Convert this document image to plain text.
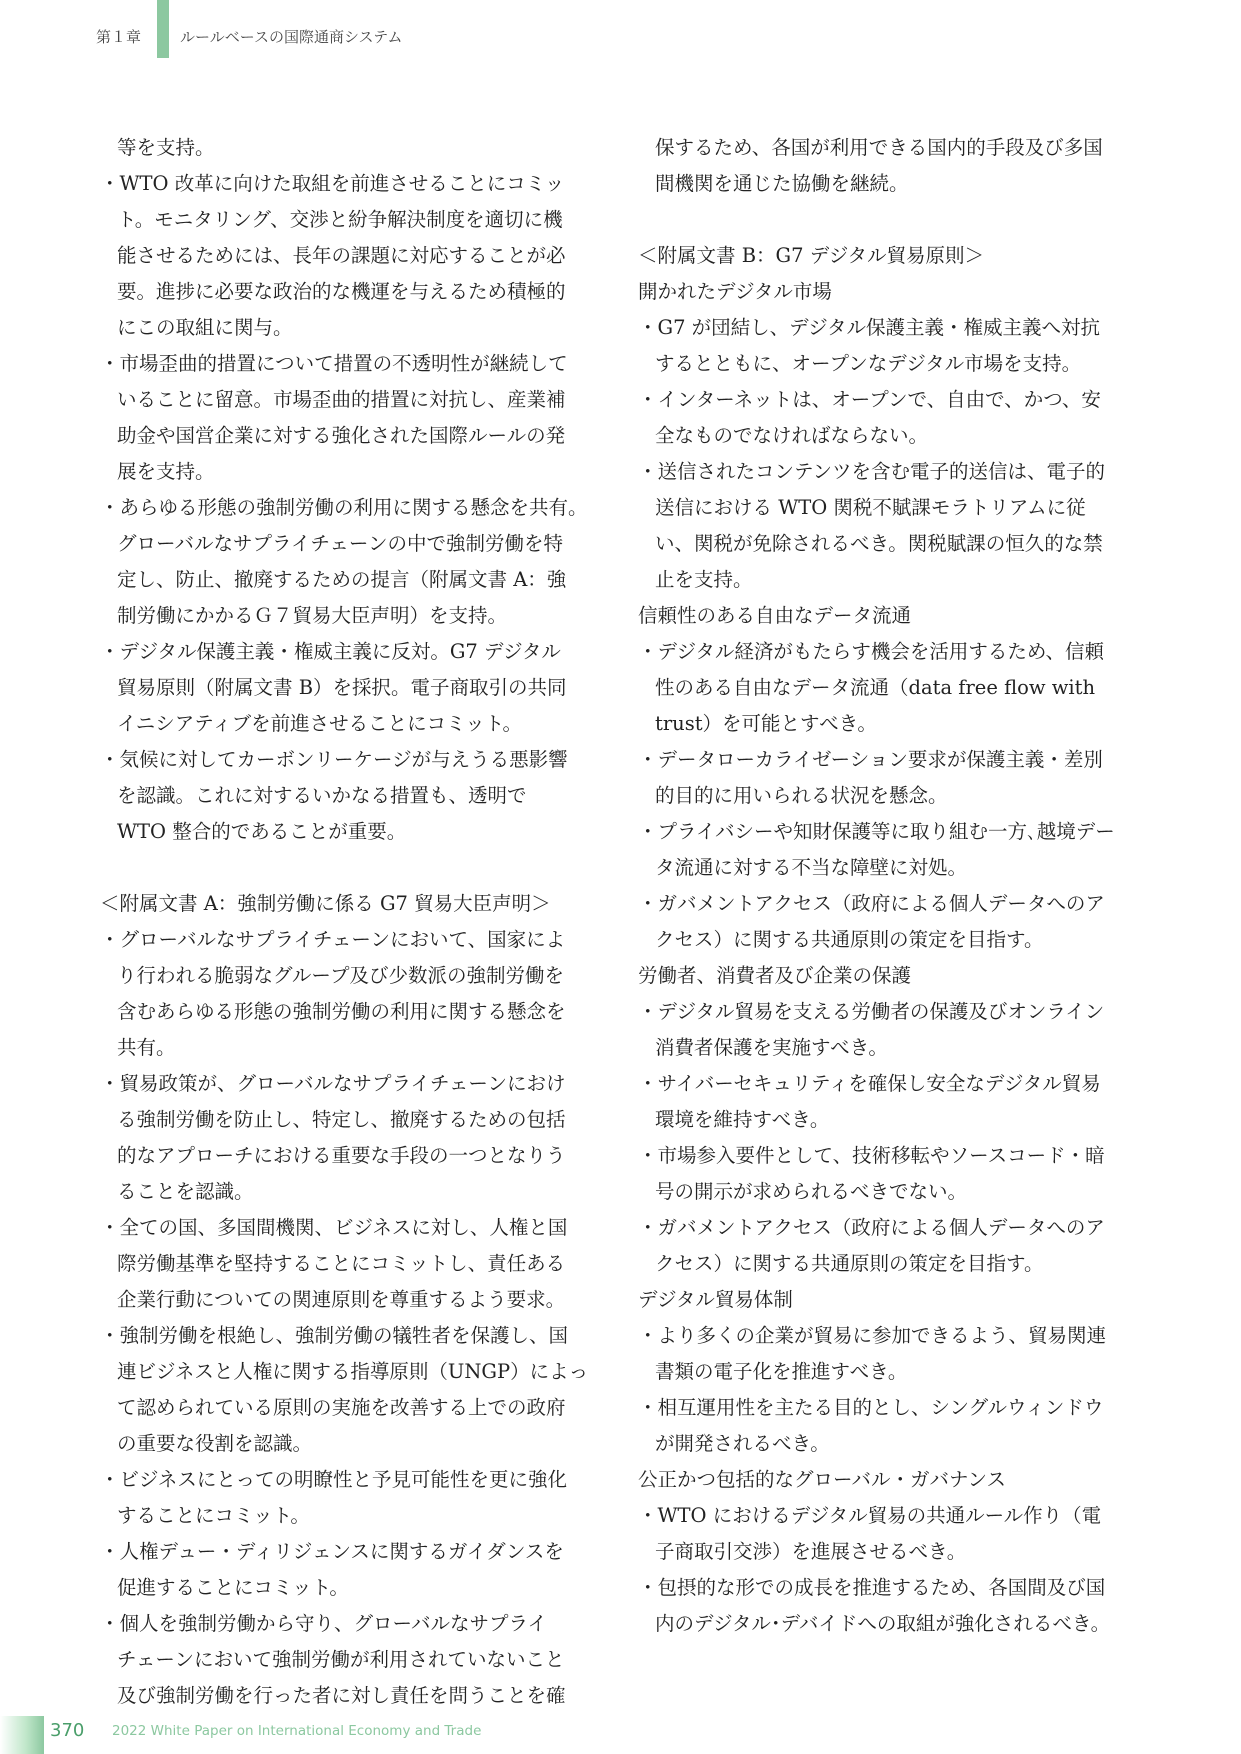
第１章	ルールベースの国際通商システム
等を支持。
・WTO 改革に向けた取組を前進させることにコミッ
ト。モニタリング、交渉と紛争解決制度を適切に機
能させるためには、長年の課題に対応することが必
要。進捗に必要な政治的な機運を与えるため積極的
にこの取組に関与。
・市場歪曲的措置について措置の不透明性が継続して
いることに留意。市場歪曲的措置に対抗し、産業補
助金や国営企業に対する強化された国際ルールの発
展を支持。
・あらゆる形態の強制労働の利用に関する懸念を共有。
グローバルなサプライチェーンの中で強制労働を特
定し、防止、撤廃するための提言（附属文書 A：強
制労働にかかるＧ７貿易大臣声明）を支持。
・デジタル保護主義・権威主義に反対。G7 デジタル
貿易原則（附属文書 B）を採択。電子商取引の共同
イニシアティブを前進させることにコミット。
・気候に対してカーボンリーケージが与えうる悪影響
を認識。これに対するいかなる措置も、透明で
WTO 整合的であることが重要。
＜附属文書 A：強制労働に係る G7 貿易大臣声明＞
・グローバルなサプライチェーンにおいて、国家によ
り行われる脆弱なグループ及び少数派の強制労働を
含むあらゆる形態の強制労働の利用に関する懸念を
共有。
・貿易政策が、グローバルなサプライチェーンにおけ
る強制労働を防止し、特定し、撤廃するための包括
的なアプローチにおける重要な手段の一つとなりう
ることを認識。
・全ての国、多国間機関、ビジネスに対し、人権と国
際労働基準を堅持することにコミットし、責任ある
企業行動についての関連原則を尊重するよう要求。
・強制労働を根絶し、強制労働の犠牲者を保護し、国
連ビジネスと人権に関する指導原則（UNGP）によっ
て認められている原則の実施を改善する上での政府
の重要な役割を認識。
・ビジネスにとっての明瞭性と予見可能性を更に強化
することにコミット。
・人権デュー・ディリジェンスに関するガイダンスを
促進することにコミット。
・個人を強制労働から守り、グローバルなサプライ
チェーンにおいて強制労働が利用されていないこと
及び強制労働を行った者に対し責任を問うことを確
保するため、各国が利用できる国内的手段及び多国
間機関を通じた協働を継続。
＜附属文書 B：G7 デジタル貿易原則＞
開かれたデジタル市場
・G7 が団結し、デジタル保護主義・権威主義へ対抗
するとともに、オープンなデジタル市場を支持。
・インターネットは、オープンで、自由で、かつ、安
全なものでなければならない。
・送信されたコンテンツを含む電子的送信は、電子的
送信における WTO 関税不賦課モラトリアムに従
い、関税が免除されるべき。関税賦課の恒久的な禁
止を支持。
信頼性のある自由なデータ流通
・デジタル経済がもたらす機会を活用するため、信頼
性のある自由なデータ流通（data free flow with
trust）を可能とすべき。
・データローカライゼーション要求が保護主義・差別
的目的に用いられる状況を懸念。
・プライバシーや知財保護等に取り組む一方､越境デー
タ流通に対する不当な障壁に対処。
・ガバメントアクセス（政府による個人データへのア
クセス）に関する共通原則の策定を目指す。
労働者、消費者及び企業の保護
・デジタル貿易を支える労働者の保護及びオンライン
消費者保護を実施すべき。
・サイバーセキュリティを確保し安全なデジタル貿易
環境を維持すべき。
・市場参入要件として、技術移転やソースコード・暗
号の開示が求められるべきでない。
・ガバメントアクセス（政府による個人データへのア
クセス）に関する共通原則の策定を目指す。
デジタル貿易体制
・より多くの企業が貿易に参加できるよう、貿易関連
書類の電子化を推進すべき。
・相互運用性を主たる目的とし、シングルウィンドウ
が開発されるべき。
公正かつ包括的なグローバル・ガバナンス
・WTO におけるデジタル貿易の共通ルール作り（電
子商取引交渉）を進展させるべき。
・包摂的な形での成長を推進するため、各国間及び国
内のデジタル･デバイドへの取組が強化されるべき。
370 2022 White Paper on International Economy and Trade
